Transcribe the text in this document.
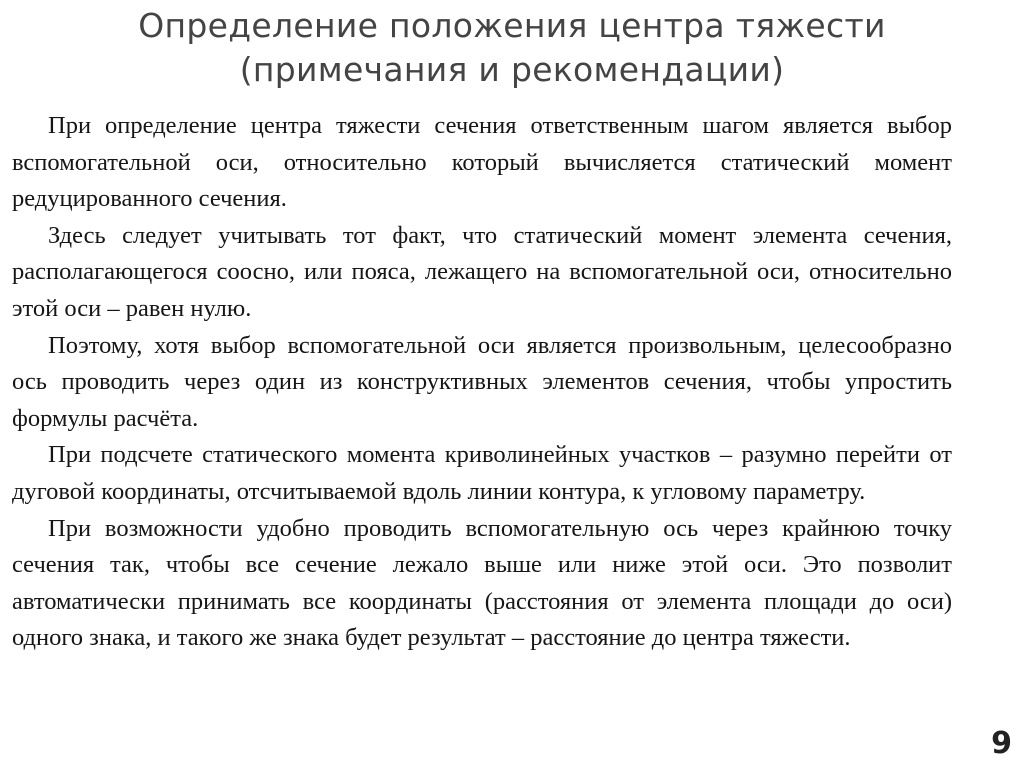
Определение положения центра тяжести
(примечания и рекомендации)

При определение центра тяжести сечения ответственным шагом является выбор вспомогательной оси, относительно который вычисляется статический момент редуцированного сечения.

Здесь следует учитывать тот факт, что статический момент элемента сечения, располагающегося соосно, или пояса, лежащего на вспомогательной оси, относительно этой оси – равен нулю.

Поэтому, хотя выбор вспомогательной оси является произвольным, целесообразно ось проводить через один из конструктивных элементов сечения, чтобы упростить формулы расчёта.

При подсчете статического момента криволинейных участков – разумно перейти от дуговой координаты, отсчитываемой вдоль линии контура, к угловому параметру.

При возможности удобно проводить вспомогательную ось через крайнюю точку сечения так, чтобы все сечение лежало выше или ниже этой оси. Это позволит автоматически принимать все координаты (расстояния от элемента площади до оси) одного знака, и такого же знака будет результат – расстояние до центра тяжести.

9
